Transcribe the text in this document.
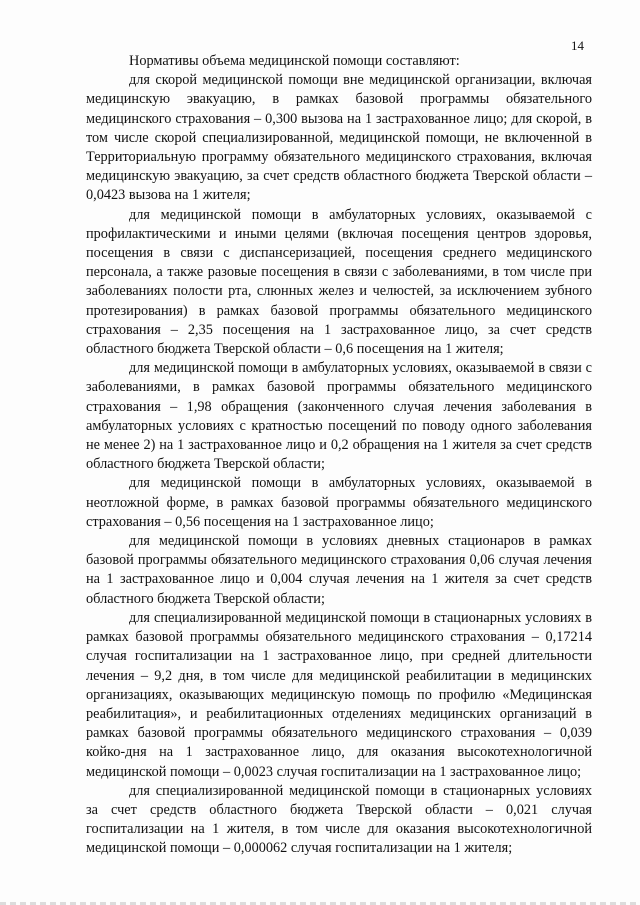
14

Нормативы объема медицинской помощи составляют:

для скорой медицинской помощи вне медицинской организации, включая медицинскую эвакуацию, в рамках базовой программы обязательного медицинского страхования – 0,300 вызова на 1 застрахованное лицо; для скорой, в том числе скорой специализированной, медицинской помощи, не включенной в Территориальную программу обязательного медицинского страхования, включая медицинскую эвакуацию, за счет средств областного бюджета Тверской области – 0,0423 вызова на 1 жителя;

для медицинской помощи в амбулаторных условиях, оказываемой с профилактическими и иными целями (включая посещения центров здоровья, посещения в связи с диспансеризацией, посещения среднего медицинского персонала, а также разовые посещения в связи с заболеваниями, в том числе при заболеваниях полости рта, слюнных желез и челюстей, за исключением зубного протезирования) в рамках базовой программы обязательного медицинского страхования – 2,35 посещения на 1 застрахованное лицо, за счет средств областного бюджета Тверской области – 0,6 посещения на 1 жителя;

для медицинской помощи в амбулаторных условиях, оказываемой в связи с заболеваниями, в рамках базовой программы обязательного медицинского страхования – 1,98 обращения (законченного случая лечения заболевания в амбулаторных условиях с кратностью посещений по поводу одного заболевания не менее 2) на 1 застрахованное лицо и 0,2 обращения на 1 жителя за счет средств областного бюджета Тверской области;

для медицинской помощи в амбулаторных условиях, оказываемой в неотложной форме, в рамках базовой программы обязательного медицинского страхования – 0,56 посещения на 1 застрахованное лицо;

для медицинской помощи в условиях дневных стационаров в рамках базовой программы обязательного медицинского страхования 0,06 случая лечения на 1 застрахованное лицо и 0,004 случая лечения на 1 жителя за счет средств областного бюджета Тверской области;

для специализированной медицинской помощи в стационарных условиях в рамках базовой программы обязательного медицинского страхования – 0,17214 случая госпитализации на 1 застрахованное лицо, при средней длительности лечения – 9,2 дня, в том числе для медицинской реабилитации в медицинских организациях, оказывающих медицинскую помощь по профилю «Медицинская реабилитация», и реабилитационных отделениях медицинских организаций в рамках базовой программы обязательного медицинского страхования – 0,039 койко-дня на 1 застрахованное лицо, для оказания высокотехнологичной медицинской помощи – 0,0023 случая госпитализации на 1 застрахованное лицо;

для специализированной медицинской помощи в стационарных условиях за счет средств областного бюджета Тверской области – 0,021 случая госпитализации на 1 жителя, в том числе для оказания высокотехнологичной медицинской помощи – 0,000062 случая госпитализации на 1 жителя;
